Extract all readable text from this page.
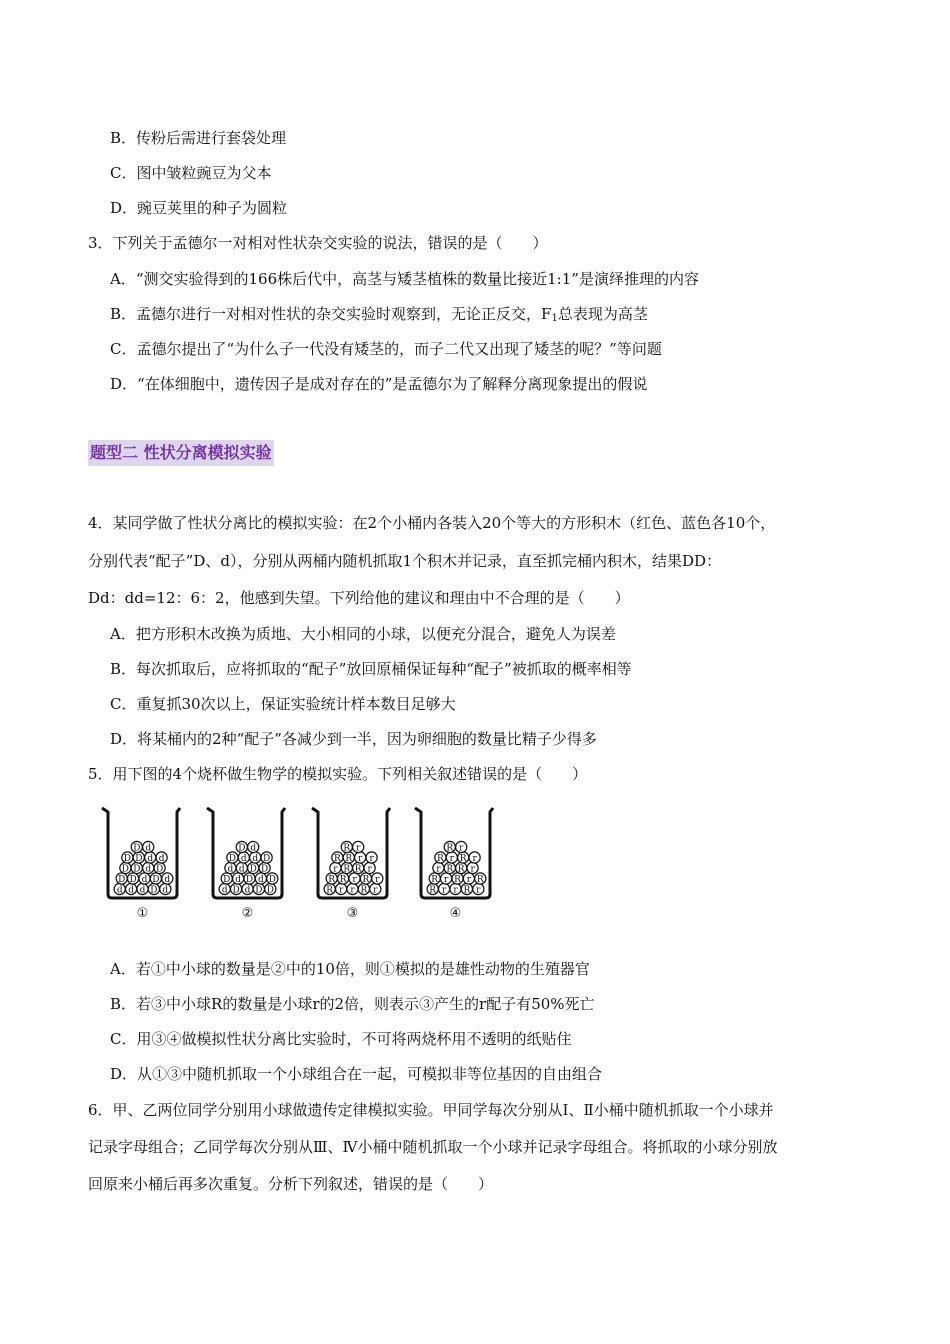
B．传粉后需进行套袋处理
C．图中皱粒豌豆为父本
D．豌豆荚里的种子为圆粒
3．下列关于孟德尔一对相对性状杂交实验的说法，错误的是（　　）
A．“测交实验得到的166株后代中，高茎与矮茎植株的数量比接近1:1”是演绎推理的内容
B．孟德尔进行一对相对性状的杂交实验时观察到，无论正反交，$F_1$总表现为高茎
C．孟德尔提出了“为什么子一代没有矮茎的，而子二代又出现了矮茎的呢？”等问题
D．“在体细胞中，遗传因子是成对存在的”是孟德尔为了解释分离现象提出的假说
题型二 性状分离模拟实验
4．某同学做了性状分离比的模拟实验：在2个小桶内各装入20个等大的方形积木（红色、蓝色各10个，
分别代表“配子”D、d），分别从两桶内随机抓取1个积木并记录，直至抓完桶内积木，结果DD：
Dd：dd=12：6：2，他感到失望。下列给他的建议和理由中不合理的是（　　）
A．把方形积木改换为质地、大小相同的小球，以便充分混合，避免人为误差
B．每次抓取后，应将抓取的“配子”放回原桶保证每种“配子”被抓取的概率相等
C．重复抓30次以上，保证实验统计样本数目足够大
D．将某桶内的2种“配子”各减少到一半，因为卵细胞的数量比精子少得多
5．用下图的4个烧杯做生物学的模拟实验。下列相关叙述错误的是（　　）
d d d D d
D D d D d
D D d D
D D d d
D d
①
d D d D D
D d D d D
d d D D
D d d D
D d
②
R r r R r
R R r R r
r R R r
R R r r
R r
③
R r r R r
R r R r R
r R R r
R r R r
R r
④
A．若①中小球的数量是②中的10倍，则①模拟的是雄性动物的生殖器官
B．若③中小球R的数量是小球r的2倍，则表示③产生的r配子有50%死亡
C．用③④做模拟性状分离比实验时，不可将两烧杯用不透明的纸贴住
D．从①③中随机抓取一个小球组合在一起，可模拟非等位基因的自由组合
6．甲、乙两位同学分别用小球做遗传定律模拟实验。甲同学每次分别从Ⅰ、Ⅱ小桶中随机抓取一个小球并
记录字母组合；乙同学每次分别从Ⅲ、Ⅳ小桶中随机抓取一个小球并记录字母组合。将抓取的小球分别放
回原来小桶后再多次重复。分析下列叙述，错误的是（　　）
